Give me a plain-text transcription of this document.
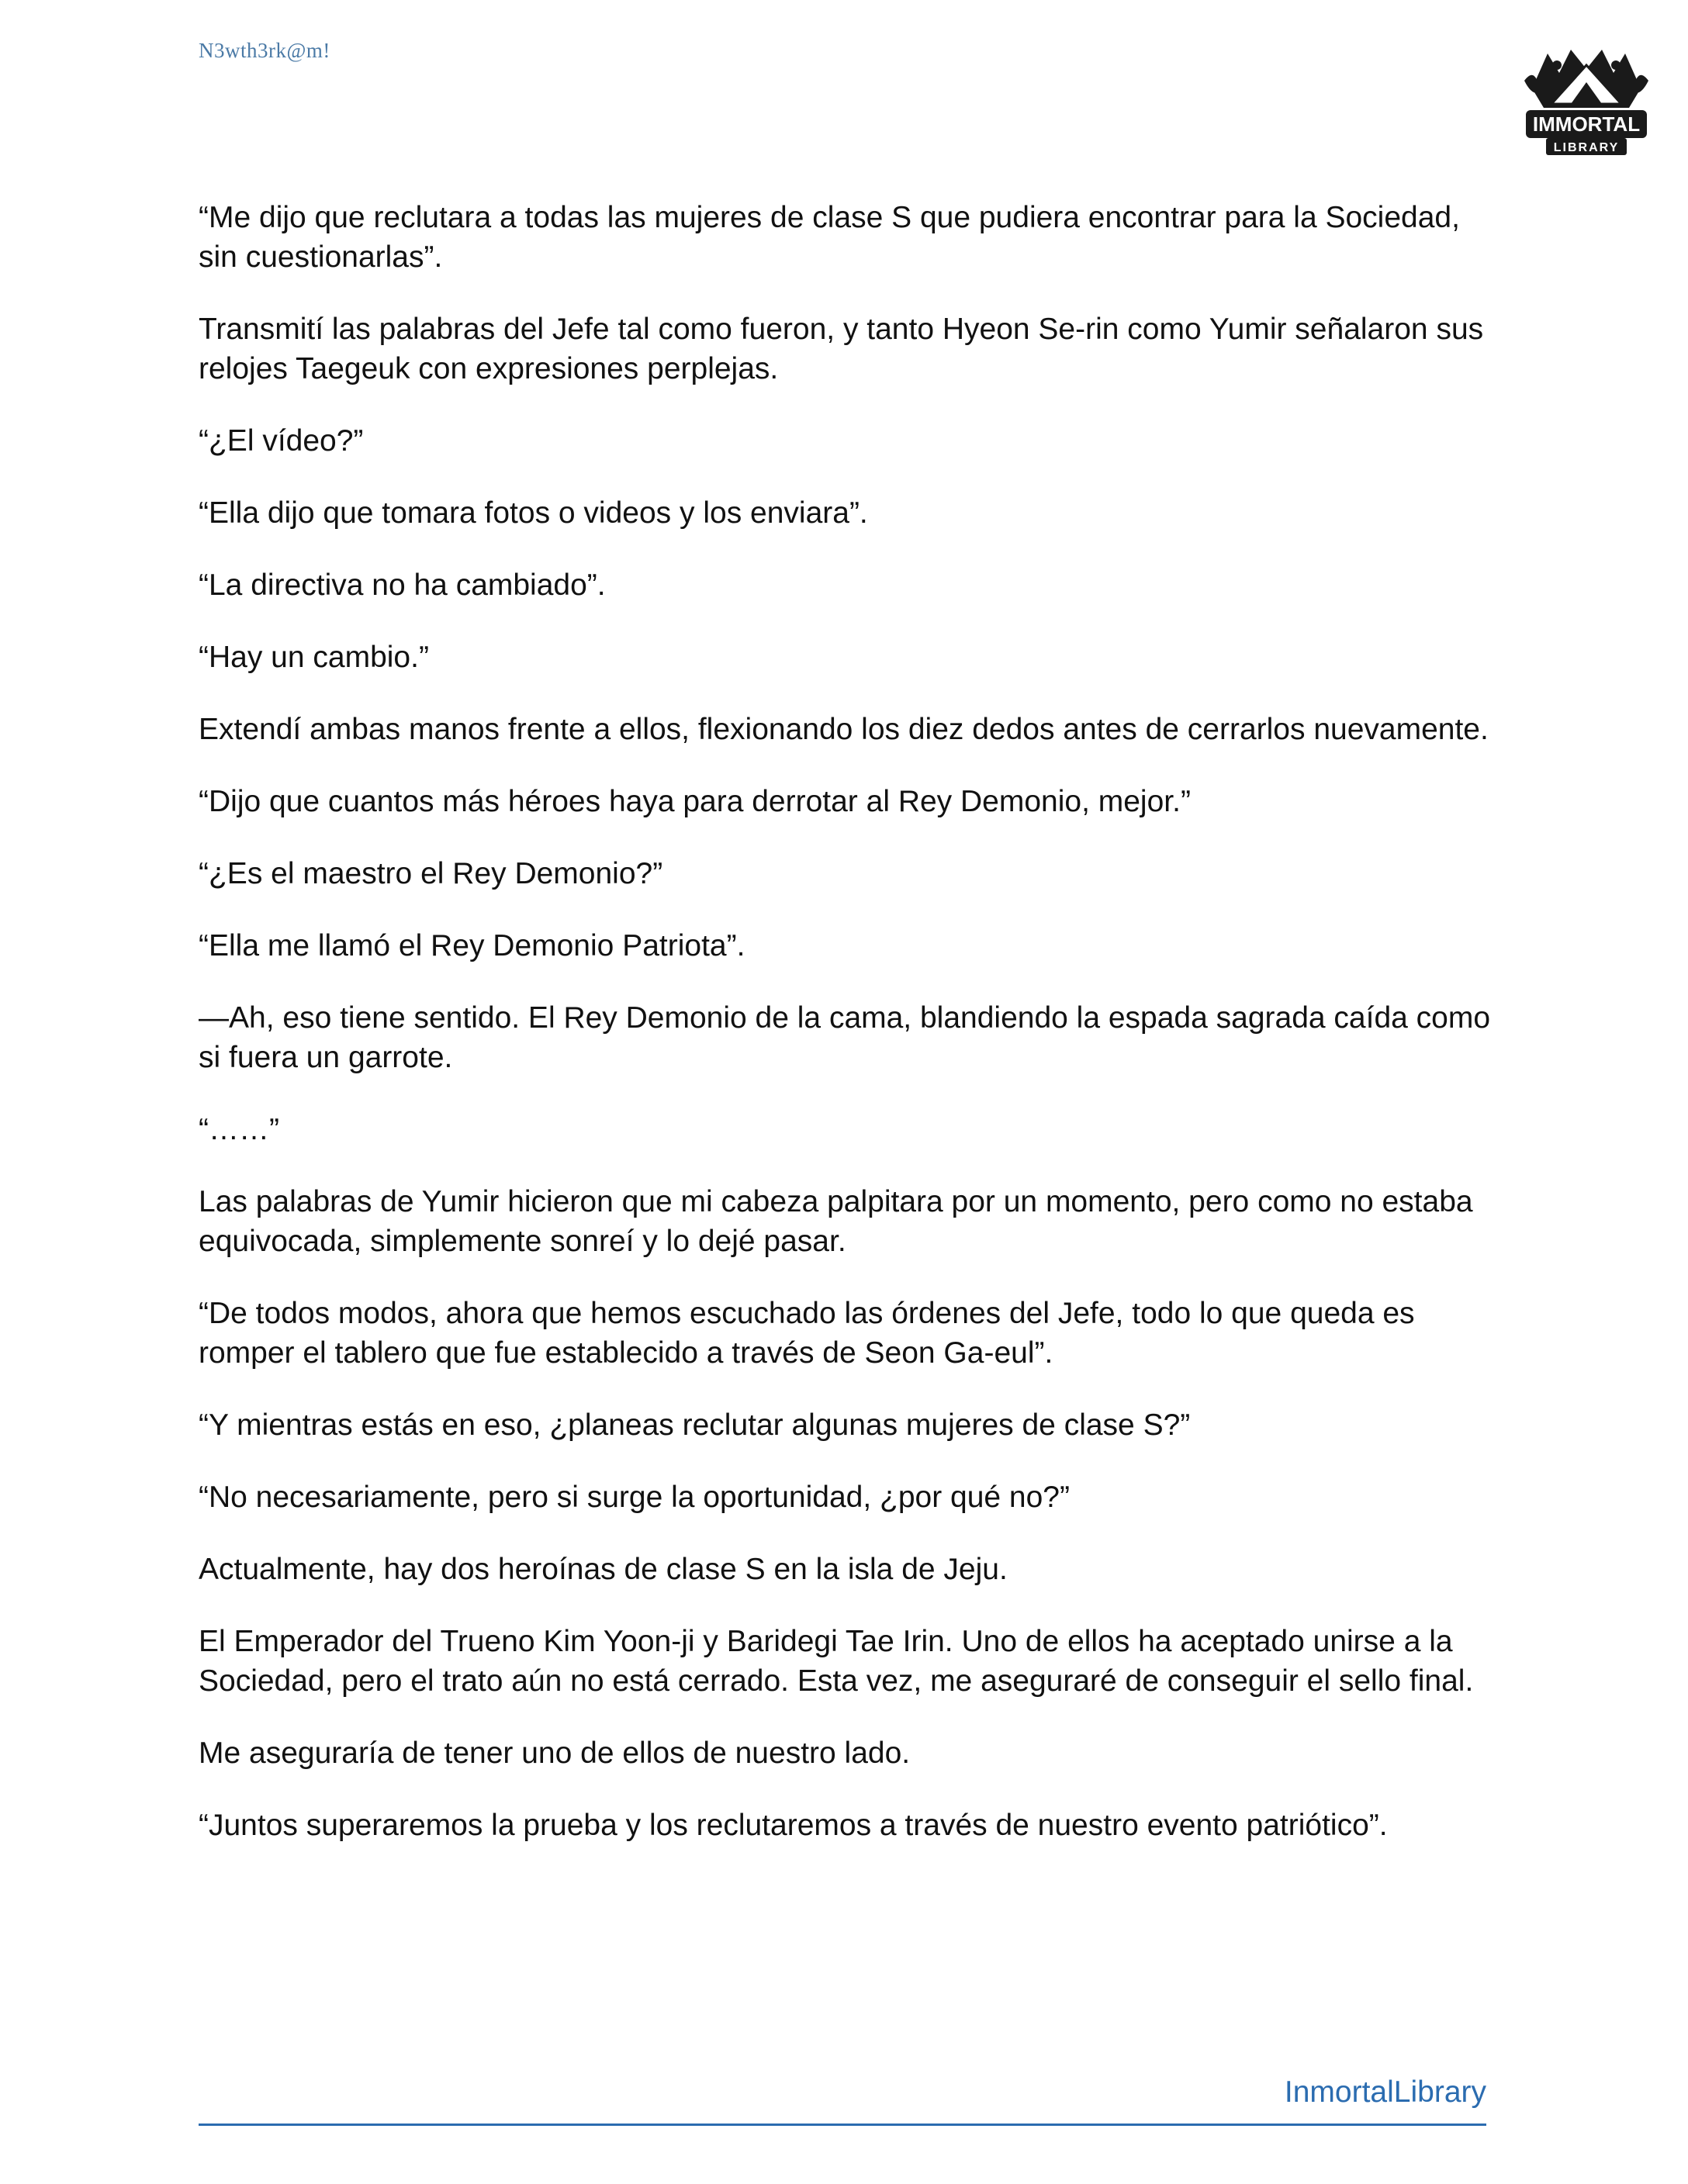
N3wth3rk@m!
IMMORTAL
LIBRARY

“Me dijo que reclutara a todas las mujeres de clase S que pudiera encontrar para la Sociedad, sin cuestionarlas”.

Transmití las palabras del Jefe tal como fueron, y tanto Hyeon Se-rin como Yumir señalaron sus relojes Taegeuk con expresiones perplejas.

“¿El vídeo?”

“Ella dijo que tomara fotos o videos y los enviara”.

“La directiva no ha cambiado”.

“Hay un cambio.”

Extendí ambas manos frente a ellos, flexionando los diez dedos antes de cerrarlos nuevamente.

“Dijo que cuantos más héroes haya para derrotar al Rey Demonio, mejor.”

“¿Es el maestro el Rey Demonio?”

“Ella me llamó el Rey Demonio Patriota”.

—Ah, eso tiene sentido. El Rey Demonio de la cama, blandiendo la espada sagrada caída como si fuera un garrote.

“……”

Las palabras de Yumir hicieron que mi cabeza palpitara por un momento, pero como no estaba equivocada, simplemente sonreí y lo dejé pasar.

“De todos modos, ahora que hemos escuchado las órdenes del Jefe, todo lo que queda es romper el tablero que fue establecido a través de Seon Ga-eul”.

“Y mientras estás en eso, ¿planeas reclutar algunas mujeres de clase S?”

“No necesariamente, pero si surge la oportunidad, ¿por qué no?”

Actualmente, hay dos heroínas de clase S en la isla de Jeju.

El Emperador del Trueno Kim Yoon-ji y Baridegi Tae Irin. Uno de ellos ha aceptado unirse a la Sociedad, pero el trato aún no está cerrado. Esta vez, me aseguraré de conseguir el sello final.

Me aseguraría de tener uno de ellos de nuestro lado.

“Juntos superaremos la prueba y los reclutaremos a través de nuestro evento patriótico”.

InmortalLibrary
